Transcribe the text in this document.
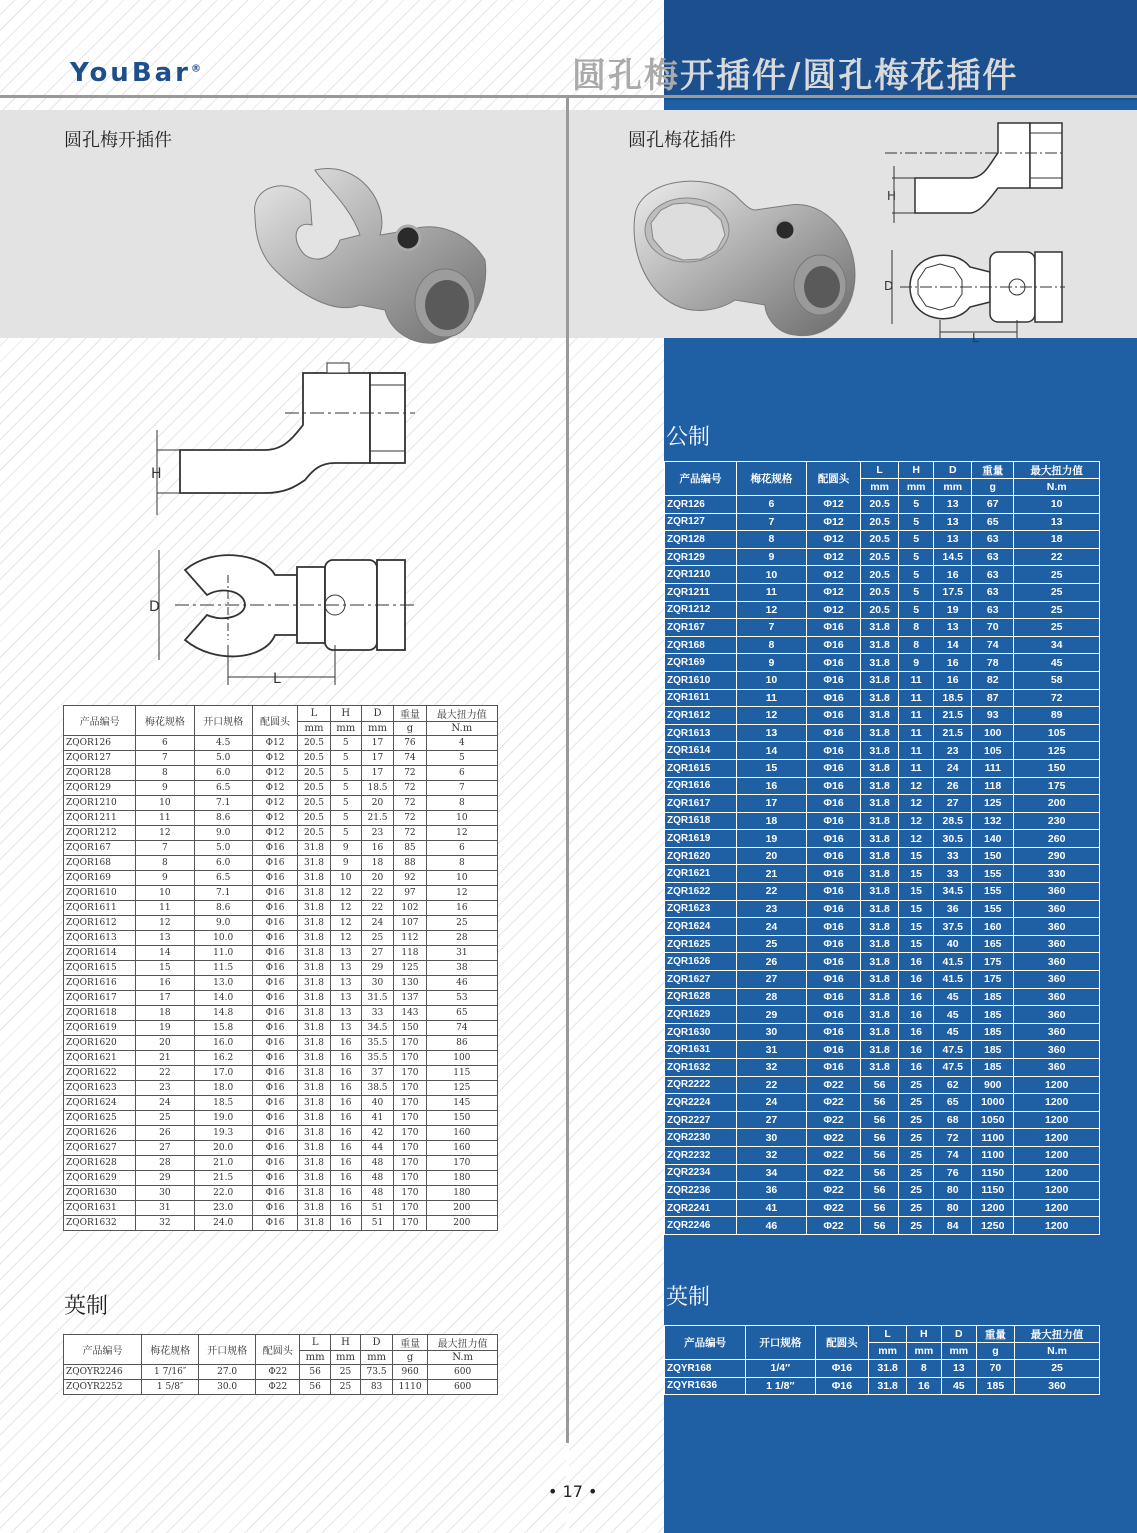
YouBar®	圆孔梅开插件/圆孔梅花插件
圆孔梅开插件	圆孔梅花插件
H
D
L
H
D
L
产品编号	梅花规格	开口规格	配圆头	L	H	D	重量	最大扭力值
				mm	mm	mm	g	N.m
ZQOR126	6	4.5	Φ12	20.5	5	17	76	4
ZQOR127	7	5.0	Φ12	20.5	5	17	74	5
ZQOR128	8	6.0	Φ12	20.5	5	17	72	6
ZQOR129	9	6.5	Φ12	20.5	5	18.5	72	7
ZQOR1210	10	7.1	Φ12	20.5	5	20	72	8
ZQOR1211	11	8.6	Φ12	20.5	5	21.5	72	10
ZQOR1212	12	9.0	Φ12	20.5	5	23	72	12
ZQOR167	7	5.0	Φ16	31.8	9	16	85	6
ZQOR168	8	6.0	Φ16	31.8	9	18	88	8
ZQOR169	9	6.5	Φ16	31.8	10	20	92	10
ZQOR1610	10	7.1	Φ16	31.8	12	22	97	12
ZQOR1611	11	8.6	Φ16	31.8	12	22	102	16
ZQOR1612	12	9.0	Φ16	31.8	12	24	107	25
ZQOR1613	13	10.0	Φ16	31.8	12	25	112	28
ZQOR1614	14	11.0	Φ16	31.8	13	27	118	31
ZQOR1615	15	11.5	Φ16	31.8	13	29	125	38
ZQOR1616	16	13.0	Φ16	31.8	13	30	130	46
ZQOR1617	17	14.0	Φ16	31.8	13	31.5	137	53
ZQOR1618	18	14.8	Φ16	31.8	13	33	143	65
ZQOR1619	19	15.8	Φ16	31.8	13	34.5	150	74
ZQOR1620	20	16.0	Φ16	31.8	16	35.5	170	86
ZQOR1621	21	16.2	Φ16	31.8	16	35.5	170	100
ZQOR1622	22	17.0	Φ16	31.8	16	37	170	115
ZQOR1623	23	18.0	Φ16	31.8	16	38.5	170	125
ZQOR1624	24	18.5	Φ16	31.8	16	40	170	145
ZQOR1625	25	19.0	Φ16	31.8	16	41	170	150
ZQOR1626	26	19.3	Φ16	31.8	16	42	170	160
ZQOR1627	27	20.0	Φ16	31.8	16	44	170	160
ZQOR1628	28	21.0	Φ16	31.8	16	48	170	170
ZQOR1629	29	21.5	Φ16	31.8	16	48	170	180
ZQOR1630	30	22.0	Φ16	31.8	16	48	170	180
ZQOR1631	31	23.0	Φ16	31.8	16	51	170	200
ZQOR1632	32	24.0	Φ16	31.8	16	51	170	200
英制
产品编号	梅花规格	开口规格	配圆头	L	H	D	重量	最大扭力值
				mm	mm	mm	g	N.m
ZQOYR2246	1 7/16″	27.0	Φ22	56	25	73.5	960	600
ZQOYR2252	1 5/8″	30.0	Φ22	56	25	83	1110	600
公制
产品编号	梅花规格	配圆头	L	H	D	重量	最大扭力值
			mm	mm	mm	g	N.m
ZQR126	6	Φ12	20.5	5	13	67	10
ZQR127	7	Φ12	20.5	5	13	65	13
ZQR128	8	Φ12	20.5	5	13	63	18
ZQR129	9	Φ12	20.5	5	14.5	63	22
ZQR1210	10	Φ12	20.5	5	16	63	25
ZQR1211	11	Φ12	20.5	5	17.5	63	25
ZQR1212	12	Φ12	20.5	5	19	63	25
ZQR167	7	Φ16	31.8	8	13	70	25
ZQR168	8	Φ16	31.8	8	14	74	34
ZQR169	9	Φ16	31.8	9	16	78	45
ZQR1610	10	Φ16	31.8	11	16	82	58
ZQR1611	11	Φ16	31.8	11	18.5	87	72
ZQR1612	12	Φ16	31.8	11	21.5	93	89
ZQR1613	13	Φ16	31.8	11	21.5	100	105
ZQR1614	14	Φ16	31.8	11	23	105	125
ZQR1615	15	Φ16	31.8	11	24	111	150
ZQR1616	16	Φ16	31.8	12	26	118	175
ZQR1617	17	Φ16	31.8	12	27	125	200
ZQR1618	18	Φ16	31.8	12	28.5	132	230
ZQR1619	19	Φ16	31.8	12	30.5	140	260
ZQR1620	20	Φ16	31.8	15	33	150	290
ZQR1621	21	Φ16	31.8	15	33	155	330
ZQR1622	22	Φ16	31.8	15	34.5	155	360
ZQR1623	23	Φ16	31.8	15	36	155	360
ZQR1624	24	Φ16	31.8	15	37.5	160	360
ZQR1625	25	Φ16	31.8	15	40	165	360
ZQR1626	26	Φ16	31.8	16	41.5	175	360
ZQR1627	27	Φ16	31.8	16	41.5	175	360
ZQR1628	28	Φ16	31.8	16	45	185	360
ZQR1629	29	Φ16	31.8	16	45	185	360
ZQR1630	30	Φ16	31.8	16	45	185	360
ZQR1631	31	Φ16	31.8	16	47.5	185	360
ZQR1632	32	Φ16	31.8	16	47.5	185	360
ZQR2222	22	Φ22	56	25	62	900	1200
ZQR2224	24	Φ22	56	25	65	1000	1200
ZQR2227	27	Φ22	56	25	68	1050	1200
ZQR2230	30	Φ22	56	25	72	1100	1200
ZQR2232	32	Φ22	56	25	74	1100	1200
ZQR2234	34	Φ22	56	25	76	1150	1200
ZQR2236	36	Φ22	56	25	80	1150	1200
ZQR2241	41	Φ22	56	25	80	1200	1200
ZQR2246	46	Φ22	56	25	84	1250	1200
英制
产品编号	开口规格	配圆头	L	H	D	重量	最大扭力值
			mm	mm	mm	g	N.m
ZQYR168	1/4″	Φ16	31.8	8	13	70	25
ZQYR1636	1 1/8″	Φ16	31.8	16	45	185	360
• 17 •
